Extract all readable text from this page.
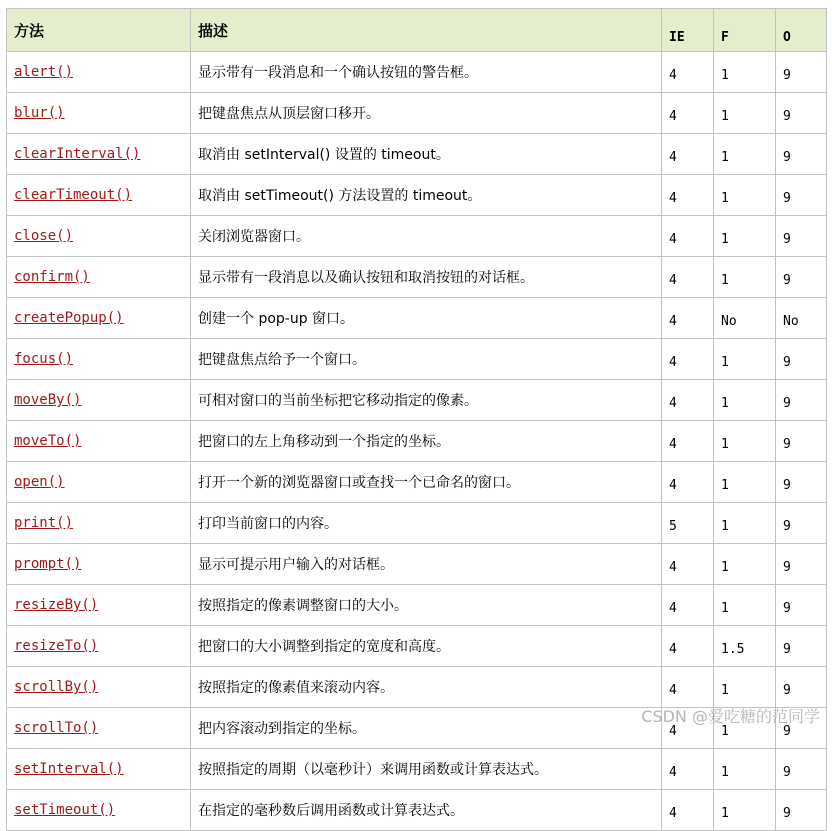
方法	描述	IE	F	O
alert()	显示带有一段消息和一个确认按钮的警告框。	4	1	9
blur()	把键盘焦点从顶层窗口移开。	4	1	9
clearInterval()	取消由 setInterval() 设置的 timeout。	4	1	9
clearTimeout()	取消由 setTimeout() 方法设置的 timeout。	4	1	9
close()	关闭浏览器窗口。	4	1	9
confirm()	显示带有一段消息以及确认按钮和取消按钮的对话框。	4	1	9
createPopup()	创建一个 pop-up 窗口。	4	No	No
focus()	把键盘焦点给予一个窗口。	4	1	9
moveBy()	可相对窗口的当前坐标把它移动指定的像素。	4	1	9
moveTo()	把窗口的左上角移动到一个指定的坐标。	4	1	9
open()	打开一个新的浏览器窗口或查找一个已命名的窗口。	4	1	9
print()	打印当前窗口的内容。	5	1	9
prompt()	显示可提示用户输入的对话框。	4	1	9
resizeBy()	按照指定的像素调整窗口的大小。	4	1	9
resizeTo()	把窗口的大小调整到指定的宽度和高度。	4	1.5	9
scrollBy()	按照指定的像素值来滚动内容。	4	1	9
scrollTo()	把内容滚动到指定的坐标。	4	1	9
setInterval()	按照指定的周期（以毫秒计）来调用函数或计算表达式。	4	1	9
setTimeout()	在指定的毫秒数后调用函数或计算表达式。	4	1	9
CSDN @爱吃糖的范同学
